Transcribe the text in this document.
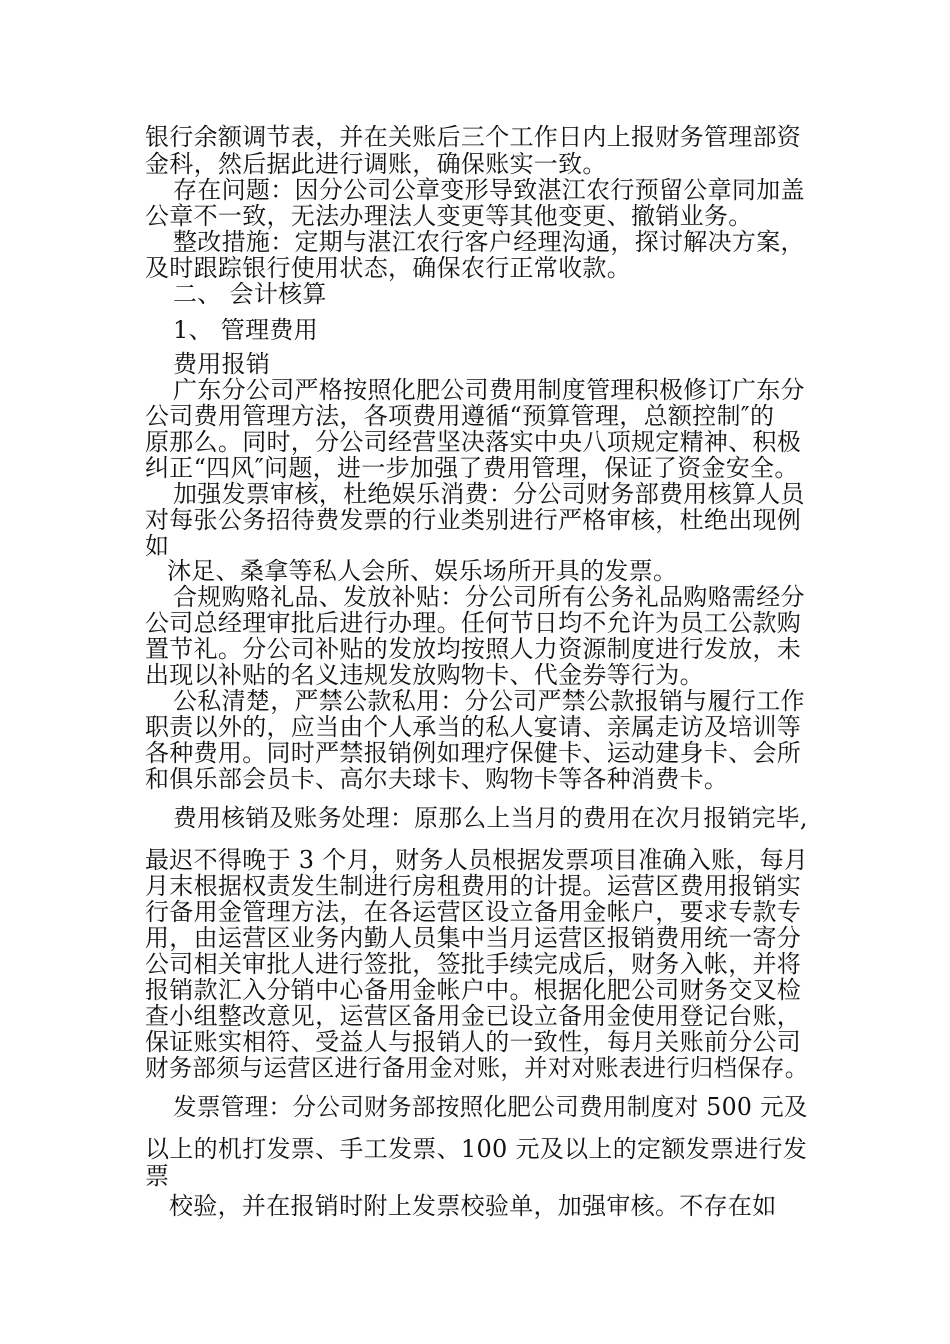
银行余额调节表，并在关账后三个工作日内上报财务管理部资
金科，然后据此进行调账，确保账实一致。
存在问题：因分公司公章变形导致湛江农行预留公章同加盖
公章不一致，无法办理法人变更等其他变更、撤销业务。
整改措施：定期与湛江农行客户经理沟通，探讨解决方案，
及时跟踪银行使用状态，确保农行正常收款。
二、 会计核算
1、 管理费用
费用报销
广东分公司严格按照化肥公司费用制度管理积极修订广东分
公司费用管理方法，各项费用遵循“预算管理，总额控制″的
原那么。同时，分公司经营坚决落实中央八项规定精神、积极
纠正“四风″问题，进一步加强了费用管理，保证了资金安全。
加强发票审核，杜绝娱乐消费：分公司财务部费用核算人员
对每张公务招待费发票的行业类别进行严格审核，杜绝出现例
如
沐足、桑拿等私人会所、娱乐场所开具的发票。
合规购赂礼品、发放补贴：分公司所有公务礼品购赂需经分
公司总经理审批后进行办理。任何节日均不允许为员工公款购
置节礼。分公司补贴的发放均按照人力资源制度进行发放，未
出现以补贴的名义违规发放购物卡、代金券等行为。
公私清楚，严禁公款私用：分公司严禁公款报销与履行工作
职责以外的，应当由个人承当的私人宴请、亲属走访及培训等
各种费用。同时严禁报销例如理疗保健卡、运动建身卡、会所
和俱乐部会员卡、高尔夫球卡、购物卡等各种消费卡。
费用核销及账务处理：原那么上当月的费用在次月报销完毕,
最迟不得晚于 3 个月，财务人员根据发票项目准确入账，每月
月末根据权责发生制进行房租费用的计提。运营区费用报销实
行备用金管理方法，在各运营区设立备用金帐户，要求专款专
用，由运营区业务内勤人员集中当月运营区报销费用统一寄分
公司相关审批人进行签批，签批手续完成后，财务入帐，并将
报销款汇入分销中心备用金帐户中。根据化肥公司财务交叉检
查小组整改意见，运营区备用金已设立备用金使用登记台账，
保证账实相符、受益人与报销人的一致性，每月关账前分公司
财务部须与运营区进行备用金对账，并对对账表进行归档保存。
发票管理：分公司财务部按照化肥公司费用制度对 500 元及
以上的机打发票、手工发票、100 元及以上的定额发票进行发
票
校验，并在报销时附上发票校验单，加强审核。不存在如
